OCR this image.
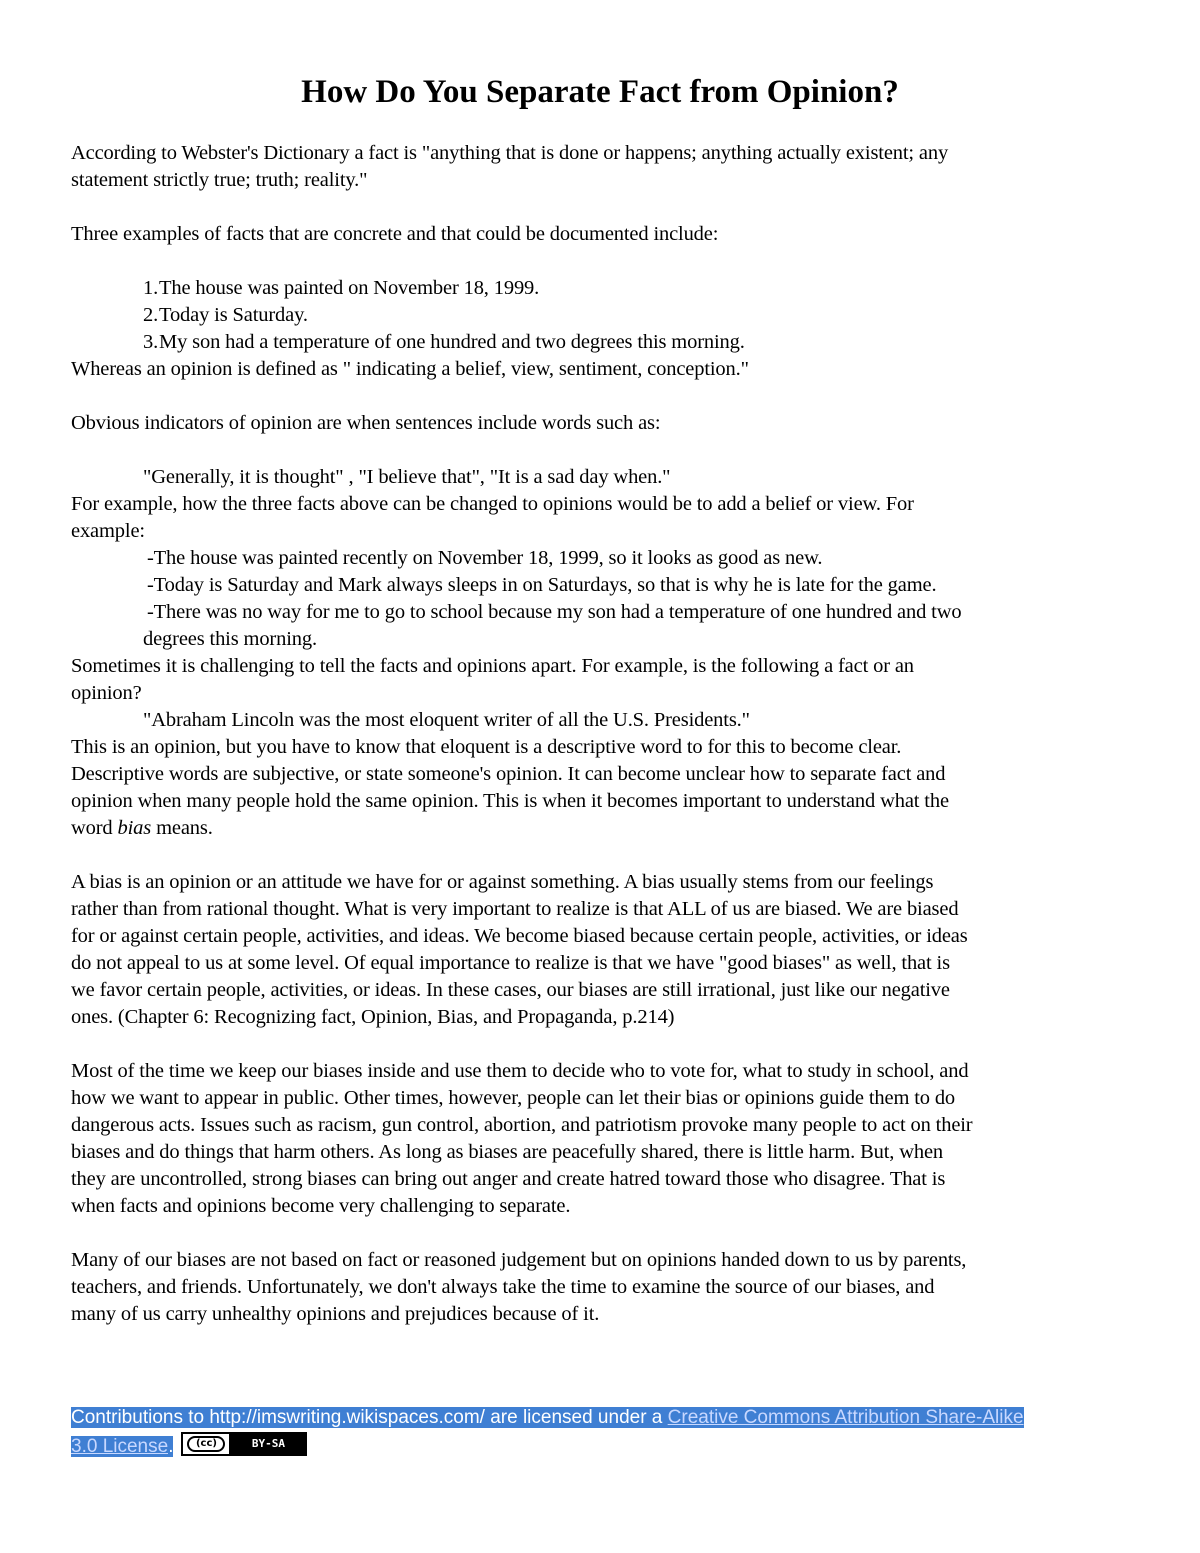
How Do You Separate Fact from Opinion?

According to Webster's Dictionary a fact is "anything that is done or happens; anything actually existent; any

statement strictly true; truth; reality."

Three examples of facts that are concrete and that could be documented include:

1.The house was painted on November 18, 1999.

2.Today is Saturday.

3.My son had a temperature of one hundred and two degrees this morning.

Whereas an opinion is defined as " indicating a belief, view, sentiment, conception."

Obvious indicators of opinion are when sentences include words such as:

"Generally, it is thought" , "I believe that", "It is a sad day when."

For example, how the three facts above can be changed to opinions would be to add a belief or view. For

example:

-The house was painted recently on November 18, 1999, so it looks as good as new.

-Today is Saturday and Mark always sleeps in on Saturdays, so that is why he is late for the game.

-There was no way for me to go to school because my son had a temperature of one hundred and two

degrees this morning.

Sometimes it is challenging to tell the facts and opinions apart. For example, is the following a fact or an

opinion?

"Abraham Lincoln was the most eloquent writer of all the U.S. Presidents."

This is an opinion, but you have to know that eloquent is a descriptive word to for this to become clear.

Descriptive words are subjective, or state someone's opinion. It can become unclear how to separate fact and

opinion when many people hold the same opinion. This is when it becomes important to understand what the

word bias means.

A bias is an opinion or an attitude we have for or against something. A bias usually stems from our feelings

rather than from rational thought. What is very important to realize is that ALL of us are biased. We are biased

for or against certain people, activities, and ideas. We become biased because certain people, activities, or ideas

do not appeal to us at some level. Of equal importance to realize is that we have "good biases" as well, that is

we favor certain people, activities, or ideas. In these cases, our biases are still irrational, just like our negative

ones. (Chapter 6: Recognizing fact, Opinion, Bias, and Propaganda, p.214)

Most of the time we keep our biases inside and use them to decide who to vote for, what to study in school, and

how we want to appear in public. Other times, however, people can let their bias or opinions guide them to do

dangerous acts. Issues such as racism, gun control, abortion, and patriotism provoke many people to act on their

biases and do things that harm others. As long as biases are peacefully shared, there is little harm. But, when

they are uncontrolled, strong biases can bring out anger and create hatred toward those who disagree. That is

when facts and opinions become very challenging to separate.

Many of our biases are not based on fact or reasoned judgement but on opinions handed down to us by parents,

teachers, and friends. Unfortunately, we don't always take the time to examine the source of our biases, and

many of us carry unhealthy opinions and prejudices because of it.

Contributions to http://imswriting.wikispaces.com/ are licensed under a Creative Commons Attribution Share-Alike
3.0 License.	(cc)	BY-SA
